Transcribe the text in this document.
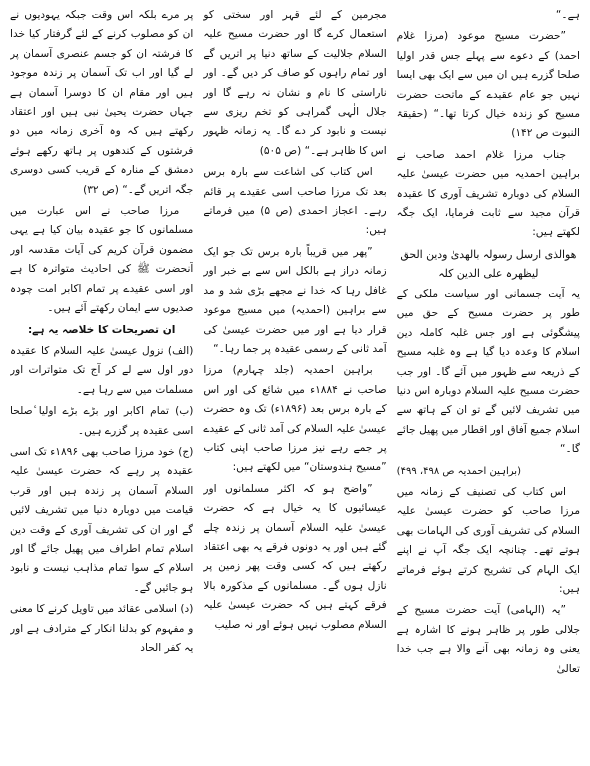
ہے۔“

”حضرت مسیح موعود (مرزا غلام احمد) کے دعوے سے پہلے جس قدر اولیا ٔصلحا گزرے ہیں ان میں سے ایک بھی ایسا نہیں جو عام عقیدے کے ماتحت حضرت مسیح کو زندہ خیال کرتا تھا۔“ (حقیقۃ النبوت ص ۱۴۲)

جناب مرزا غلام احمد صاحب نے براہین احمدیہ میں حضرت عیسیٰ علیہ السلام کی دوبارہ تشریف آوری کا عقیدہ قرآن مجید سے ثابت فرمایا، ایک جگہ لکھتے ہیں:

ھوالذی ارسل رسولہ بالھدیٰ ودین الحق لیظھرہ علی الدین کلہ

یہ آیت جسمانی اور سیاست ملکی کے طور پر حضرت مسیح کے حق میں پیشگوئی ہے اور جس غلبہ کاملہ دین اسلام کا وعدہ دیا گیا ہے وہ غلبہ مسیح کے ذریعہ سے ظہور میں آئے گا۔ اور جب حضرت مسیح علیہ السلام دوبارہ اس دنیا میں تشریف لائیں گے تو ان کے ہاتھ سے اسلام جمیع آفاق اور اقطار میں پھیل جائے گا۔“

(براہین احمدیہ ص ۴۹۸، ۴۹۹)

اس کتاب کی تصنیف کے زمانہ میں مرزا صاحب کو حضرت عیسیٰ علیہ السلام کی تشریف آوری کی الہامات بھی ہوتے تھے۔ چنانچہ ایک جگہ آپ نے اپنے ایک الہام کی تشریح کرتے ہوئے فرماتے ہیں:

”یہ (الہامی) آیت حضرت مسیح کے جلالی طور پر ظاہر ہونے کا اشارہ ہے یعنی وہ زمانہ بھی آنے والا ہے جب خدا تعالیٰ

مجرمین کے لئے قہر اور سختی کو استعمال کرے گا اور حضرت مسیح علیہ السلام جلالیت کے ساتھ دنیا پر اتریں گے اور تمام راہوں کو صاف کر دیں گے۔ اور ناراستی کا نام و نشان نہ رہے گا اور جلال الٰہی گمراہی کو تخم ریزی سے نیست و نابود کر دے گا۔ یہ زمانہ ظہور اس کا ظاہر ہے۔“ (ص ۵۰۵)

اس کتاب کی اشاعت سے بارہ برس بعد تک مرزا صاحب اسی عقیدے پر قائم رہے۔ اعجاز احمدی (ص ۵) میں فرماتے ہیں:

”پھر میں قریباً بارہ برس تک جو ایک زمانہ دراز ہے بالکل اس سے بے خبر اور غافل رہا کہ خدا نے مجھے بڑی شد و مد سے براہین (احمدیہ) میں مسیح موعود قرار دیا ہے اور میں حضرت عیسیٰ کی آمد ثانی کے رسمی عقیدہ پر جما رہا۔“

براہین احمدیہ (جلد چہارم) مرزا صاحب نے ۱۸۸۴ء میں شائع کی اور اس کے بارہ برس بعد (۱۸۹۶ء) تک وہ حضرت عیسیٰ علیہ السلام کی آمد ثانی کے عقیدے پر جمے رہے نیز مرزا صاحب اپنی کتاب ”مسیح ہندوستان“ میں لکھتے ہیں:

”واضح ہو کہ اکثر مسلمانوں اور عیسائیوں کا یہ خیال ہے کہ حضرت عیسیٰ علیہ السلام آسمان پر زندہ چلے گئے ہیں اور یہ دونوں فرقے یہ بھی اعتقاد رکھتے ہیں کہ کسی وقت پھر زمین پر نازل ہوں گے۔ مسلمانوں کے مذکورہ بالا فرقے کہتے ہیں کہ حضرت عیسیٰ علیہ السلام مصلوب نہیں ہوئے اور نہ صلیب

پر مرے بلکہ اس وقت جبکہ یہودیوں نے ان کو مصلوب کرنے کے لئے گرفتار کیا خدا کا فرشتہ ان کو جسم عنصری آسمان پر لے گیا اور اب تک آسمان پر زندہ موجود ہیں اور مقام ان کا دوسرا آسمان ہے جہاں حضرت یحییٰ نبی ہیں اور اعتقاد رکھتے ہیں کہ وہ آخری زمانہ میں دو فرشتوں کے کندھوں پر ہاتھ رکھے ہوئے دمشق کے منارہ کے قریب کسی دوسری جگہ اتریں گے۔“ (ص ۳۲)

مرزا صاحب نے اس عبارت میں مسلمانوں کا جو عقیدہ بیان کیا ہے یہی مضمون قرآن کریم کی آیات مقدسہ اور آنحضرت ﷺ کی احادیث متواترہ کا ہے اور اسی عقیدے پر تمام اکابر امت چودہ صدیوں سے ایمان رکھتے آئے ہیں۔

ان تصریحات کا خلاصہ یہ ہے:

(الف) نزول عیسیٰ علیہ السلام کا عقیدہ دور اول سے لے کر آج تک متواترات اور مسلمات میں سے رہا ہے۔

(ب) تمام اکابر اور بڑے بڑے اولیا ٔصلحا اسی عقیدہ پر گزرے ہیں۔

(ج) خود مرزا صاحب بھی ۱۸۹۶ء تک اسی عقیدہ پر رہے کہ حضرت عیسیٰ علیہ السلام آسمان پر زندہ ہیں اور قرب قیامت میں دوبارہ دنیا میں تشریف لائیں گے اور ان کی تشریف آوری کے وقت دین اسلام تمام اطراف میں پھیل جائے گا اور اسلام کے سوا تمام مذاہب نیست و نابود ہو جائیں گے۔

(د) اسلامی عقائد میں تاویل کرنے کا معنی و مفہوم کو بدلنا انکار کے مترادف ہے اور یہ کفر الحاد
